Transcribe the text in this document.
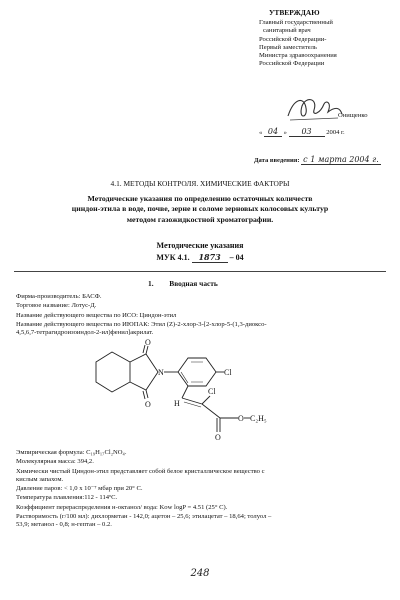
УТВЕРЖДАЮ
Главный государственный
санитарный врач
Российской Федерации-
Первый заместитель
Министра здравоохранения
Российской Федерации
Онищенко
« 04 » 03 2004 г.
Дата введения: с 1 марта 2004 г.
4.1. МЕТОДЫ КОНТРОЛЯ. ХИМИЧЕСКИЕ ФАКТОРЫ
Методические указания по определению остаточных количеств
циндон-этила в воде, почве, зерне и соломе зерновых колосовых культур
методом газожидкостной хроматографии.
Методические указания
МУК 4.1. 1873 – 04
1. Вводная часть
Фирма-производитель: БАСФ.
Торговое название: Лотус-Д.
Название действующего вещества по ИСО: Циндон-этил
Название действующего вещества по ИЮПАК: Этил (Z)-2-хлор-3-[2-хлор-5-(1,3-диоксо-
4,5,6,7-тетрагидроизоиндол-2-ил)фенил]акрилат.
O
O
N	Cl
Cl
H
O C₂H₅
O
Эмпирическая формула: C₁₉H₁₇Cl₂NO₄.
Молекулярная масса: 394,2.
Химически чистый Циндон-этил представляет собой белое кристаллическое вещество с
кислым запахом.
Давление паров: < 1,0 x 10⁻⁷ мбар при 20° С.
Температура плавления:112 - 114ºС.
Коэффициент перераспределения н-октанол/ вода: Kow logP = 4.51 (25° С).
Растворимость (г/100 мл): дихлорметан - 142,0; ацетон – 25,6; этилацетат – 18,64; толуол –
53,9; метанол - 0,8; н-гептан – 0.2.
248
